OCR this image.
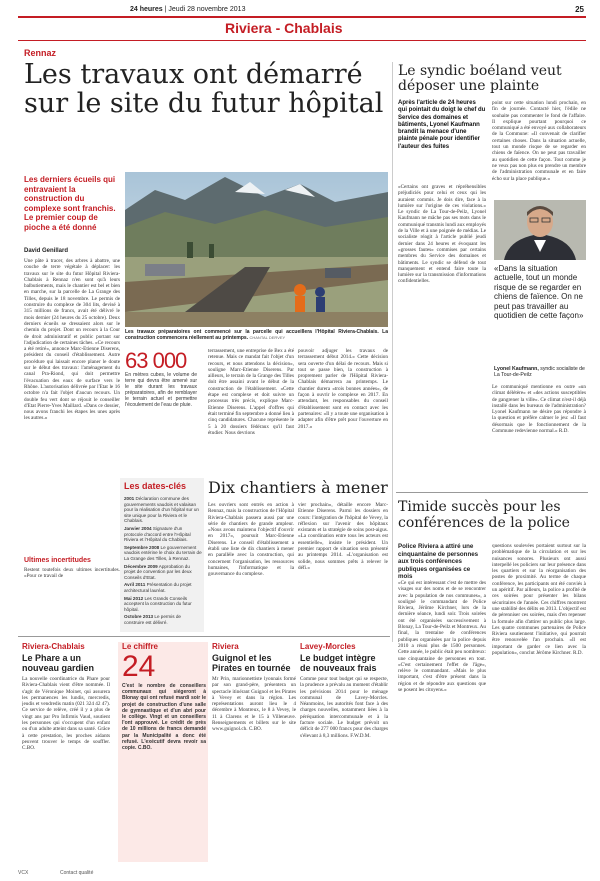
24 heures | Jeudi 28 novembre 2013	25
Riviera - Chablais
Rennaz
Les travaux ont démarré sur le site du futur hôpital
Les derniers écueils qui entravaient la construction du complexe sont franchis. Le premier coup de pioche a été donné
David Genillard
Une pâte à tracer, des arbres à abattre, une couche de terre végétale à déplacer: les travaux sur le site du futur Hôpital Riviera-Chablais à Rennaz n'en sont qu'à leurs balbutiements, mais le chantier est bel et bien en marche, sur la parcelle de La Grange des Tilles, depuis le 18 novembre. Le permis de construire du complexe de 304 lits, devisé à 315 millions de francs, avait été délivré le mois dernier (24 heures du 25 octobre). Deux derniers écueils se dressaient alors sur le chemin du projet. Dont un recours à la Cour de droit administratif et public portant sur l'adjudication de certaines tâches. «Ce recours a été retiré», annonce Marc-Etienne Diserens, président du conseil d'établissement. Autre procédure qui laissait encore planer le doute sur le début des travaux: l'aménagement du canal Pra-Riond, qui doit permettre l'évacuation des eaux de surface vers le Rhône. L'autorisation délivrée par l'Etat le 16 octobre n'a fait l'objet d'aucun recours. Un double feu vert dont se réjouit le conseiller d'Etat Pierre-Yves Maillard. «Dans ce dossier, nous avons franchi les étapes les unes après les autres.»
Ultimes incertitudes
Restent toutefois deux ultimes incertitudes. «Pour ce travail de
Les travaux préparatoires ont commencé sur la parcelle qui accueillera l'Hôpital Riviera-Chablais. La construction commencera réellement au printemps. CHANTAL DERVEY
63 000
En mètres cubes, le volume de terre qui devra être amené sur le site durant les travaux préparatoires, afin de remblayer le terrain actuel et permettre l'écoulement de l'eau de pluie.
Les dates-clés
2001 Déclaration commune des gouvernements vaudois et valaisan pour la réalisation d'un hôpital sur un site unique pour la Riviera et le Chablais.
Janvier 2004 Signature d'un protocole d'accord entre l'Hôpital Riviera et l'Hôpital du Chablais.
Septembre 2008 Le gouvernement vaudois entérine le choix du terrain de La Grange des Tilles, à Rennaz.
Décembre 2009 Approbation du projet de convention par les deux Conseils d'Etat.
Avril 2011 Présentation du projet architectural lauréat.
Mai 2012 Les Grands Conseils acceptent la construction du futur hôpital.
Octobre 2013 Le permis de construire est délivré.
terrassement, une entreprise de Bex a été retenue. Mais ce mandat fait l'objet d'un recours, et nous attendons la décision», souligne Marc-Etienne Diserens. Par ailleurs, le terrain de la Grange des Tilles doit être assaini avant le début de la construction de l'établissement. «Cette étape est complexe et doit suivre un processus très précis, explique Marc-Etienne Diserens. L'appel d'offres qui était terminé fin septembre a donné lieu à cinq candidatures. Chacune représente le 5 à 20 dossiers fédéraux qu'il faut étudier. Nous devrions
pouvoir adjuger les travaux de terrassement début 2014.» Cette décision sera ouverte d'un délai de recours. Mais si tout se passe bien, la construction à proprement parler de l'Hôpital Riviera-Chablais démarrera au printemps. Le chantier durera «trois bonnes années», de façon à ouvrir le complexe en 2017. En attendant, les responsables du conseil d'établissement sont en contact avec les partenaires: «Il y a toute une organisation à adapter afin d'être prêt pour l'ouverture en 2017.»
Dix chantiers à mener
Les ouvriers sont entrés en action à Rennaz, mais la construction de l'Hôpital Riviera-Chablais passera aussi par une série de chantiers de grande ampleur. «Nous avons maintenu l'objectif d'ouvrir en 2017», poursuit Marc-Etienne Diserens. Le conseil d'établissement a établi une liste de dix chantiers à mener en parallèle avec la construction, qui concernent l'organisation, les ressources humaines, l'informatique et la gouvernance du complexe.
vier prochain», détaille encore Marc-Etienne Diserens. Parmi les dossiers en cours: l'intégration de l'hôpital de Vevey, la réflexion sur l'avenir des hôpitaux existants et la stratégie de soins post-aigus. «La coordination entre tous les acteurs est essentielle», insiste le président. Un premier rapport de situation sera présenté au printemps 2014. «L'organisation est solide, nous sommes prêts à relever le défi.»
Le syndic boéland veut déposer une plainte
Après l'article de 24 heures qui pointait du doigt le chef du Service des domaines et bâtiments, Lyonel Kaufmann brandit la menace d'une plainte pénale pour identifier l'auteur des fuites
«Certains ont graves et répréhensibles préjudiciés pour celui et ceux qui les auraient commis. Je dois dire, face à la lumière sur l'origine de ces violations.» Le syndic de La Tour-de-Peilz, Lyonel Kaufmann ne mâche pas ses mots dans le communiqué transmis lundi aux employés de la Ville et à une poignée de médias. Le socialiste réagit à l'article publié jeudi dernier dans 24 heures et évoquant les «grosses fautes» commises par certains membres du Service des domaines et bâtiments. Le syndic se défend de tout manquement et entend faire toute la lumière sur la transmission d'informations confidentielles.
point sur cette situation lundi prochain, en fin de journée. Contacté hier, l'édile ne souhaite pas commenter le fond de l'affaire. Il explique pourtant pourquoi ce communiqué a été envoyé aux collaborateurs de la Commune: «Il convenait de clarifier certaines choses. Dans la situation actuelle, tout un monde risque de se regarder en chiens de faïence. On ne peut pas travailler au quotidien de cette façon. Tout comme je ne veux pas non plus en prendre un membre de l'administration communale et en faire écho sur la place publique.»
«Dans la situation actuelle, tout un monde risque de se regarder en chiens de faïence. On ne peut pas travailler au quotidien de cette façon»
Lyonel Kaufmann, syndic socialiste de La Tour-de-Peilz
Le communiqué mentionne en outre «un climat délétère» et «des actions susceptibles de gangrener la ville». Ce climat n'est-il déjà installé dans les bureaux de l'administration? Lyonel Kaufmann ne désire pas répondre à la question et préfère calmer le jeu: «Il faut désormais que le fonctionnement de la Commune redevienne normal.» R.D.
Timide succès pour les conférences de la police
Police Riviera a attiré une cinquantaine de personnes aux trois conférences publiques organisées ce mois
«Ce qui est intéressant c'est de mettre des visages sur des noms et de se rencontrer avec la population de nos communes», a souligné le commandant de Police Riviera, Jérôme Kirchner, lors de la dernière séance, lundi soir. Trois soirées ont été organisées successivement à Blonay, La Tour-de-Peilz et Montreux. Au final, la trentaine de conférences publiques organisées par la police depuis 2010 a réuni plus de 1500 personnes. Cette année, le public était peu nombreux: une cinquantaine de personnes en tout. «C'est certainement l'effet de l'âge», relève le commandant. «Mais le plus important, c'est d'être présent dans la région et de répondre aux questions que se posent les citoyens.»
questions soulevées portaient surtout sur la problématique de la circulation et sur les nuisances sonores. Plusieurs ont aussi interpellé les policiers sur leur présence dans les quartiers et sur la réorganisation des postes de proximité. Au terme de chaque conférence, les participants ont été conviés à un apéritif. Par ailleurs, la police a profité de ces soirées pour présenter les bilans sécuritaires de l'année. Ces chiffres montrent une stabilité des délits en 2013. L'objectif est de pérenniser ces soirées, mais d'en repenser la formule afin d'attirer un public plus large. Les quatre communes partenaires de Police Riviera soutiennent l'initiative, qui pourrait être renouvelée l'an prochain. «Il est important de garder ce lien avec la population», conclut Jérôme Kirchner. R.D.
Riviera-Chablais
Le Phare a un nouveau gardien
La nouvelle coordinatrice du Phare pour Riviera-Chablais vient d'être nommée. Il s'agit de Véronique Moinet, qui assurera les permanences les lundis, mercredis, jeudis et vendredis matin (021 324 42 47). Ce service de relève, créé il y a plus de vingt ans par Pro Infirmis Vaud, soutient les personnes qui s'occupent d'un enfant ou d'un adulte atteint dans sa santé. Grâce à cette prestation, les proches aidants peuvent trouver le temps de souffler. C.BO.
Le chiffre
24
C'est le nombre de conseillers communaux qui siégeront à Blonay qui ont refusé mardi soir le projet de construction d'une salle de gymnastique et d'un abri pour le collège. Vingt et un conseillers l'ont approuvé. Le crédit de près de 10 millions de francs demandé par la Municipalité a donc été refusé. L'exécutif devra revoir sa copie. C.BO.
Riviera
Guignol et les Pirates en tournée
Mr Prin, marionnettiste lyonnais formé par son grand-père, présentera un spectacle itinérant Guignol et les Pirates à Vevey et dans la région. Les représentations auront lieu le 4 décembre à Montreux, le 8 à Vevey, le 11 à Clarens et le 15 à Villeneuve. Renseignements et billets sur le site www.guignol.ch. C.BO.
Lavey-Morcles
Le budget intègre de nouveaux frais
Comme pour tout budget qui se respecte, la prudence a prévalu au moment d'établir les prévisions 2014 pour le ménage communal de Lavey-Morcles. Néanmoins, les autorités font face à des charges nouvelles, notamment liées à la péréquation intercommunale et à la facture sociale. Le budget prévoit un déficit de 277 000 francs pour des charges s'élevant à 8,3 millions. F.W.D.M.
VCX	Contact qualité
